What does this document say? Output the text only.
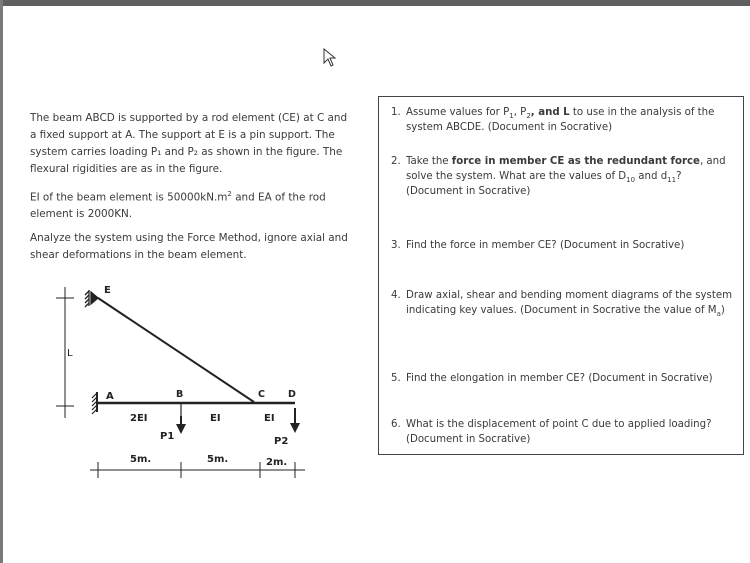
The beam ABCD is supported by a rod element (CE) at C and a fixed support at A. The support at E is a pin support. The system carries loading P₁ and P₂ as shown in the figure. The flexural rigidities are as in the figure.

EI of the beam element is $50000kN.m^2$ and EA of the rod element is 2000KN.

Analyze the system using the Force Method, ignore axial and shear deformations in the beam element.

1. Assume values for $P_1$, $P_2$, and L to use in the analysis of the system ABCDE. (Document in Socrative)
2. Take the force in member CE as the redundant force, and solve the system. What are the values of $D_{10}$ and $d_{11}$? (Document in Socrative)
3. Find the force in member CE? (Document in Socrative)
4. Draw axial, shear and bending moment diagrams of the system indicating key values. (Document in Socrative the value of $M_a$)
5. Find the elongation in member CE? (Document in Socrative)
6. What is the displacement of point C due to applied loading? (Document in Socrative)
L
E
A	B	C D
2EI	EI	EI
P1	P2
5m.	5m.	2m.
